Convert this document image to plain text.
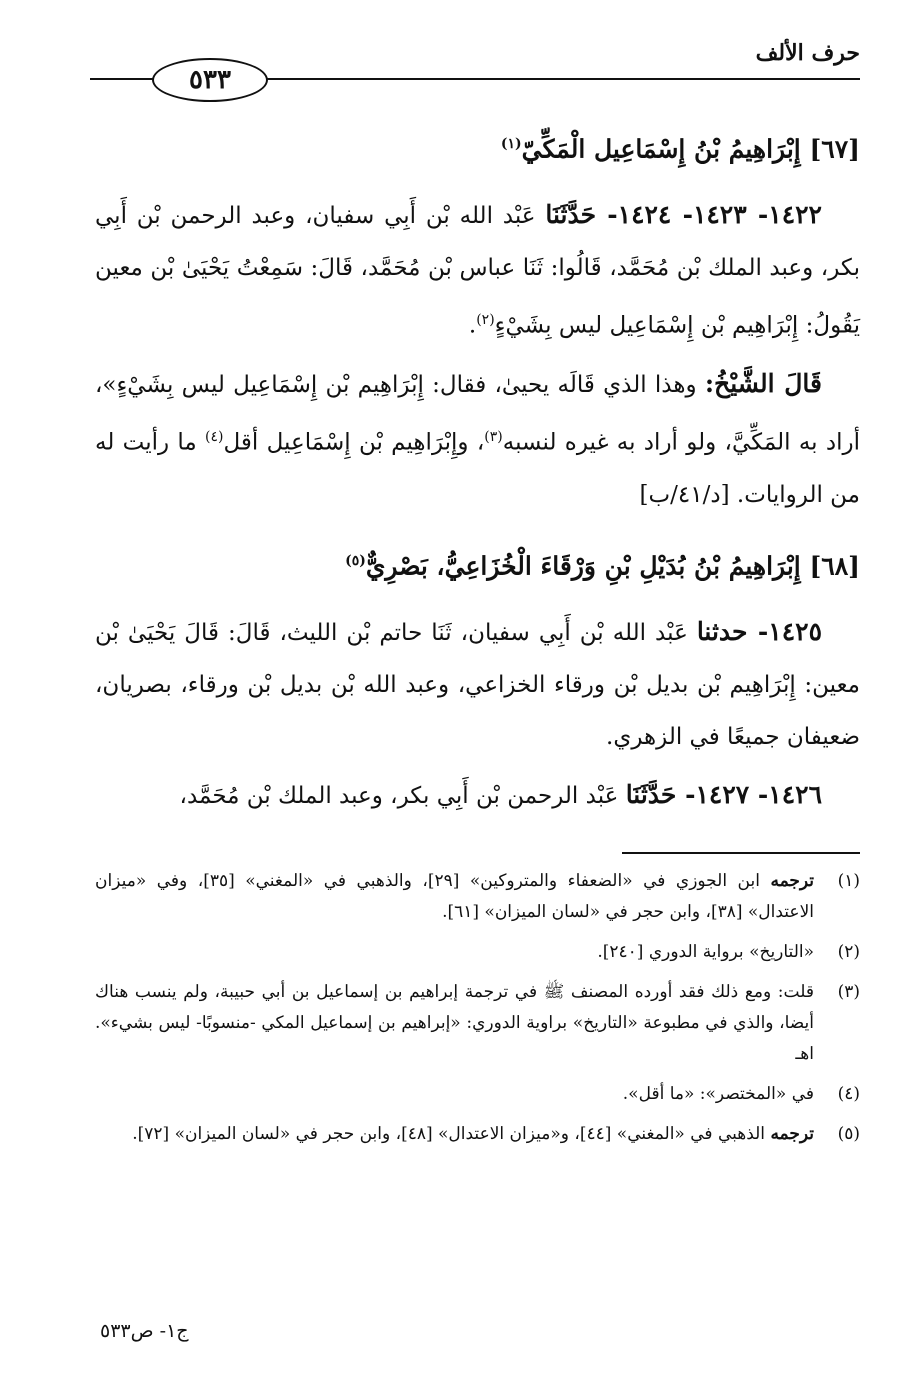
حرف الألف
٥٣٣
[٦٧] إِبْرَاهِيمُ بْنُ إِسْمَاعِيل الْمَكِّيّ$^{(١)}$

١٤٢٢- ١٤٢٣- ١٤٢٤- حَدَّثَنَا عَبْد الله بْن أَبِي سفيان، وعبد الرحمن بْن أَبِي بكر، وعبد الملك بْن مُحَمَّد، قَالُوا: ثَنَا عباس بْن مُحَمَّد، قَالَ: سَمِعْتُ يَحْيَىٰ بْن معين يَقُولُ: إِبْرَاهِيم بْن إِسْمَاعِيل ليس بِشَيْءٍ$^{(٢)}$.

قَالَ الشَّيْخُ: وهذا الذي قَالَه يحيىٰ، فقال: إِبْرَاهِيم بْن إِسْمَاعِيل ليس بِشَيْءٍ»، أراد به المَكِّيَّ، ولو أراد به غيره لنسبه$^{(٣)}$، وإِبْرَاهِيم بْن إِسْمَاعِيل أقل$^{(٤)}$ ما رأيت له من الروايات. [د/٤١/ب]

[٦٨] إِبْرَاهِيمُ بْنُ بُدَيْلِ بْنِ وَرْقَاءَ الْخُزَاعِيُّ، بَصْرِيٌّ$^{(٥)}$

١٤٢٥- حدثنا عَبْد الله بْن أَبِي سفيان، ثَنَا حاتم بْن الليث، قَالَ: قَالَ يَحْيَىٰ بْن معين: إِبْرَاهِيم بْن بديل بْن ورقاء الخزاعي، وعبد الله بْن بديل بْن ورقاء، بصريان، ضعيفان جميعًا في الزهري.

١٤٢٦- ١٤٢٧- حَدَّثَنَا عَبْد الرحمن بْن أَبِي بكر، وعبد الملك بْن مُحَمَّد،

(١)
ترجمه ابن الجوزي في «الضعفاء والمتروكين» [٢٩]، والذهبي في «المغني» [٣٥]، وفي «ميزان الاعتدال» [٣٨]، وابن حجر في «لسان الميزان» [٦١].
(٢)
«التاريخ» برواية الدوري [٢٤٠].
(٣)
قلت: ومع ذلك فقد أورده المصنف ﷺ في ترجمة إبراهيم بن إسماعيل بن أبي حبيبة، ولم ينسب هناك أيضا، والذي في مطبوعة «التاريخ» براوية الدوري: «إبراهيم بن إسماعيل المكي -منسوبًا- ليس بشيء». اهـ
(٤)
في «المختصر»: «ما أقل».
(٥)
ترجمه الذهبي في «المغني» [٤٤]، و«ميزان الاعتدال» [٤٨]، وابن حجر في «لسان الميزان» [٧٢].
ج١- ص٥٣٣
